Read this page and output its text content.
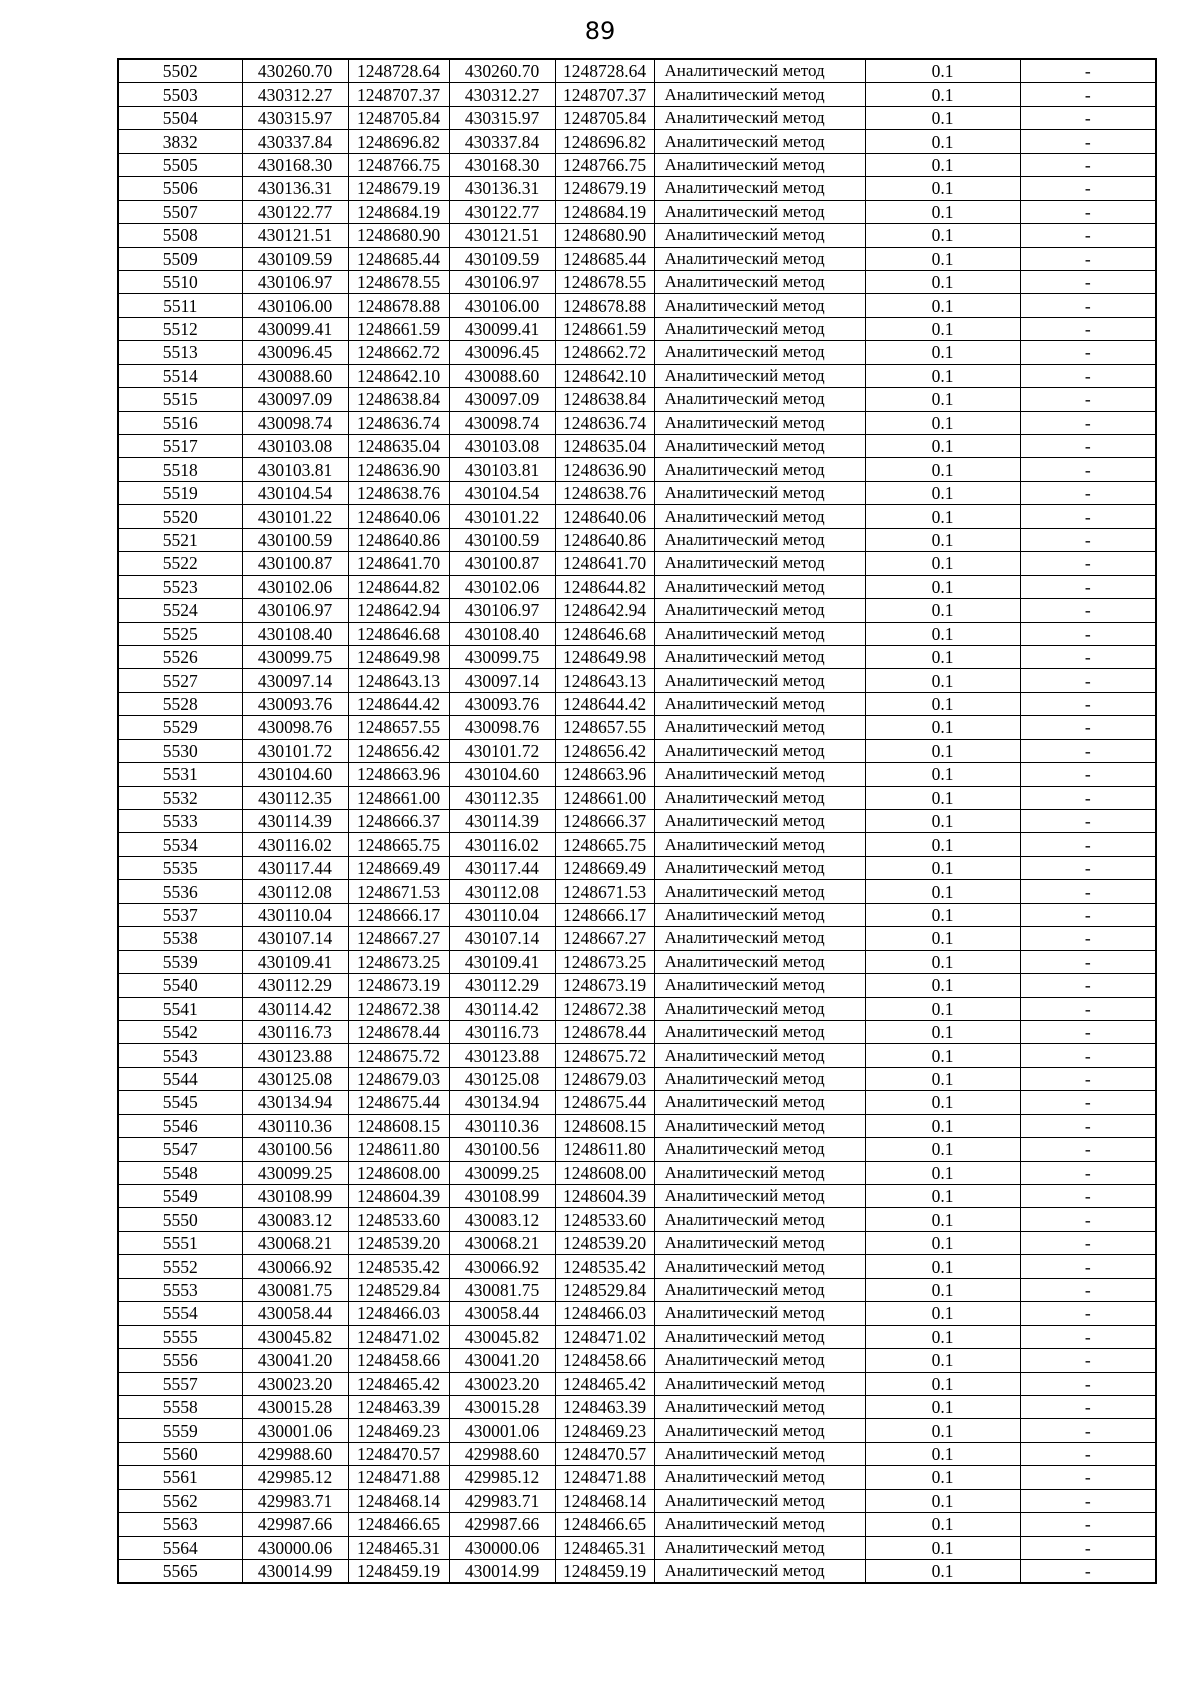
89
5502	430260.70	1248728.64	430260.70	1248728.64	Аналитический метод	0.1	-
5503	430312.27	1248707.37	430312.27	1248707.37	Аналитический метод	0.1	-
5504	430315.97	1248705.84	430315.97	1248705.84	Аналитический метод	0.1	-
3832	430337.84	1248696.82	430337.84	1248696.82	Аналитический метод	0.1	-
5505	430168.30	1248766.75	430168.30	1248766.75	Аналитический метод	0.1	-
5506	430136.31	1248679.19	430136.31	1248679.19	Аналитический метод	0.1	-
5507	430122.77	1248684.19	430122.77	1248684.19	Аналитический метод	0.1	-
5508	430121.51	1248680.90	430121.51	1248680.90	Аналитический метод	0.1	-
5509	430109.59	1248685.44	430109.59	1248685.44	Аналитический метод	0.1	-
5510	430106.97	1248678.55	430106.97	1248678.55	Аналитический метод	0.1	-
5511	430106.00	1248678.88	430106.00	1248678.88	Аналитический метод	0.1	-
5512	430099.41	1248661.59	430099.41	1248661.59	Аналитический метод	0.1	-
5513	430096.45	1248662.72	430096.45	1248662.72	Аналитический метод	0.1	-
5514	430088.60	1248642.10	430088.60	1248642.10	Аналитический метод	0.1	-
5515	430097.09	1248638.84	430097.09	1248638.84	Аналитический метод	0.1	-
5516	430098.74	1248636.74	430098.74	1248636.74	Аналитический метод	0.1	-
5517	430103.08	1248635.04	430103.08	1248635.04	Аналитический метод	0.1	-
5518	430103.81	1248636.90	430103.81	1248636.90	Аналитический метод	0.1	-
5519	430104.54	1248638.76	430104.54	1248638.76	Аналитический метод	0.1	-
5520	430101.22	1248640.06	430101.22	1248640.06	Аналитический метод	0.1	-
5521	430100.59	1248640.86	430100.59	1248640.86	Аналитический метод	0.1	-
5522	430100.87	1248641.70	430100.87	1248641.70	Аналитический метод	0.1	-
5523	430102.06	1248644.82	430102.06	1248644.82	Аналитический метод	0.1	-
5524	430106.97	1248642.94	430106.97	1248642.94	Аналитический метод	0.1	-
5525	430108.40	1248646.68	430108.40	1248646.68	Аналитический метод	0.1	-
5526	430099.75	1248649.98	430099.75	1248649.98	Аналитический метод	0.1	-
5527	430097.14	1248643.13	430097.14	1248643.13	Аналитический метод	0.1	-
5528	430093.76	1248644.42	430093.76	1248644.42	Аналитический метод	0.1	-
5529	430098.76	1248657.55	430098.76	1248657.55	Аналитический метод	0.1	-
5530	430101.72	1248656.42	430101.72	1248656.42	Аналитический метод	0.1	-
5531	430104.60	1248663.96	430104.60	1248663.96	Аналитический метод	0.1	-
5532	430112.35	1248661.00	430112.35	1248661.00	Аналитический метод	0.1	-
5533	430114.39	1248666.37	430114.39	1248666.37	Аналитический метод	0.1	-
5534	430116.02	1248665.75	430116.02	1248665.75	Аналитический метод	0.1	-
5535	430117.44	1248669.49	430117.44	1248669.49	Аналитический метод	0.1	-
5536	430112.08	1248671.53	430112.08	1248671.53	Аналитический метод	0.1	-
5537	430110.04	1248666.17	430110.04	1248666.17	Аналитический метод	0.1	-
5538	430107.14	1248667.27	430107.14	1248667.27	Аналитический метод	0.1	-
5539	430109.41	1248673.25	430109.41	1248673.25	Аналитический метод	0.1	-
5540	430112.29	1248673.19	430112.29	1248673.19	Аналитический метод	0.1	-
5541	430114.42	1248672.38	430114.42	1248672.38	Аналитический метод	0.1	-
5542	430116.73	1248678.44	430116.73	1248678.44	Аналитический метод	0.1	-
5543	430123.88	1248675.72	430123.88	1248675.72	Аналитический метод	0.1	-
5544	430125.08	1248679.03	430125.08	1248679.03	Аналитический метод	0.1	-
5545	430134.94	1248675.44	430134.94	1248675.44	Аналитический метод	0.1	-
5546	430110.36	1248608.15	430110.36	1248608.15	Аналитический метод	0.1	-
5547	430100.56	1248611.80	430100.56	1248611.80	Аналитический метод	0.1	-
5548	430099.25	1248608.00	430099.25	1248608.00	Аналитический метод	0.1	-
5549	430108.99	1248604.39	430108.99	1248604.39	Аналитический метод	0.1	-
5550	430083.12	1248533.60	430083.12	1248533.60	Аналитический метод	0.1	-
5551	430068.21	1248539.20	430068.21	1248539.20	Аналитический метод	0.1	-
5552	430066.92	1248535.42	430066.92	1248535.42	Аналитический метод	0.1	-
5553	430081.75	1248529.84	430081.75	1248529.84	Аналитический метод	0.1	-
5554	430058.44	1248466.03	430058.44	1248466.03	Аналитический метод	0.1	-
5555	430045.82	1248471.02	430045.82	1248471.02	Аналитический метод	0.1	-
5556	430041.20	1248458.66	430041.20	1248458.66	Аналитический метод	0.1	-
5557	430023.20	1248465.42	430023.20	1248465.42	Аналитический метод	0.1	-
5558	430015.28	1248463.39	430015.28	1248463.39	Аналитический метод	0.1	-
5559	430001.06	1248469.23	430001.06	1248469.23	Аналитический метод	0.1	-
5560	429988.60	1248470.57	429988.60	1248470.57	Аналитический метод	0.1	-
5561	429985.12	1248471.88	429985.12	1248471.88	Аналитический метод	0.1	-
5562	429983.71	1248468.14	429983.71	1248468.14	Аналитический метод	0.1	-
5563	429987.66	1248466.65	429987.66	1248466.65	Аналитический метод	0.1	-
5564	430000.06	1248465.31	430000.06	1248465.31	Аналитический метод	0.1	-
5565	430014.99	1248459.19	430014.99	1248459.19	Аналитический метод	0.1	-
